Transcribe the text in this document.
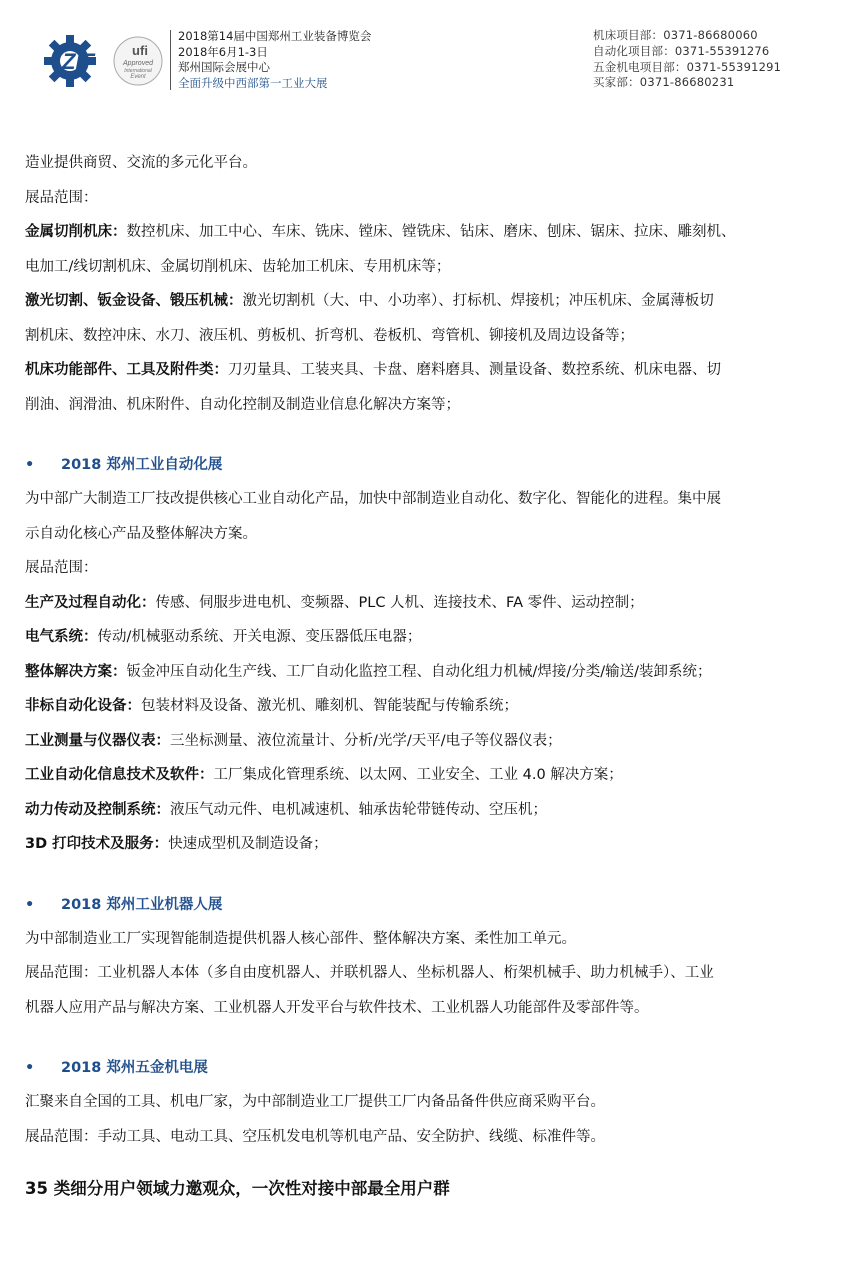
ZIF	ufi
Approved
International
Event
2018第14届中国郑州工业装备博览会
2018年6月1-3日
郑州国际会展中心
全面升级中西部第一工业大展
机床项目部：0371-86680060
自动化项目部：0371-55391276
五金机电项目部：0371-55391291
买家部：0371-86680231

造业提供商贸、交流的多元化平台。

展品范围：

金属切削机床：数控机床、加工中心、车床、铣床、镗床、镗铣床、钻床、磨床、刨床、锯床、拉床、雕刻机、

电加工/线切割机床、金属切削机床、齿轮加工机床、专用机床等；

激光切割、钣金设备、锻压机械：激光切割机（大、中、小功率）、打标机、焊接机；冲压机床、金属薄板切

割机床、数控冲床、水刀、液压机、剪板机、折弯机、卷板机、弯管机、铆接机及周边设备等；

机床功能部件、工具及附件类：刀刃量具、工装夹具、卡盘、磨料磨具、测量设备、数控系统、机床电器、切

削油、润滑油、机床附件、自动化控制及制造业信息化解决方案等；

• 2018 郑州工业自动化展

为中部广大制造工厂技改提供核心工业自动化产品，加快中部制造业自动化、数字化、智能化的进程。集中展

示自动化核心产品及整体解决方案。

展品范围：

生产及过程自动化：传感、伺服步进电机、变频器、PLC 人机、连接技术、FA 零件、运动控制；

电气系统：传动/机械驱动系统、开关电源、变压器低压电器；

整体解决方案：钣金冲压自动化生产线、工厂自动化监控工程、自动化组力机械/焊接/分类/输送/装卸系统；

非标自动化设备：包装材料及设备、激光机、雕刻机、智能装配与传输系统；

工业测量与仪器仪表：三坐标测量、液位流量计、分析/光学/天平/电子等仪器仪表；

工业自动化信息技术及软件：工厂集成化管理系统、以太网、工业安全、工业 4.0 解决方案；

动力传动及控制系统：液压气动元件、电机减速机、轴承齿轮带链传动、空压机；

3D 打印技术及服务：快速成型机及制造设备；

• 2018 郑州工业机器人展

为中部制造业工厂实现智能制造提供机器人核心部件、整体解决方案、柔性加工单元。

展品范围：工业机器人本体（多自由度机器人、并联机器人、坐标机器人、桁架机械手、助力机械手）、工业

机器人应用产品与解决方案、工业机器人开发平台与软件技术、工业机器人功能部件及零部件等。

• 2018 郑州五金机电展

汇聚来自全国的工具、机电厂家，为中部制造业工厂提供工厂内备品备件供应商采购平台。

展品范围：手动工具、电动工具、空压机发电机等机电产品、安全防护、线缆、标准件等。

35 类细分用户领域力邀观众，一次性对接中部最全用户群
